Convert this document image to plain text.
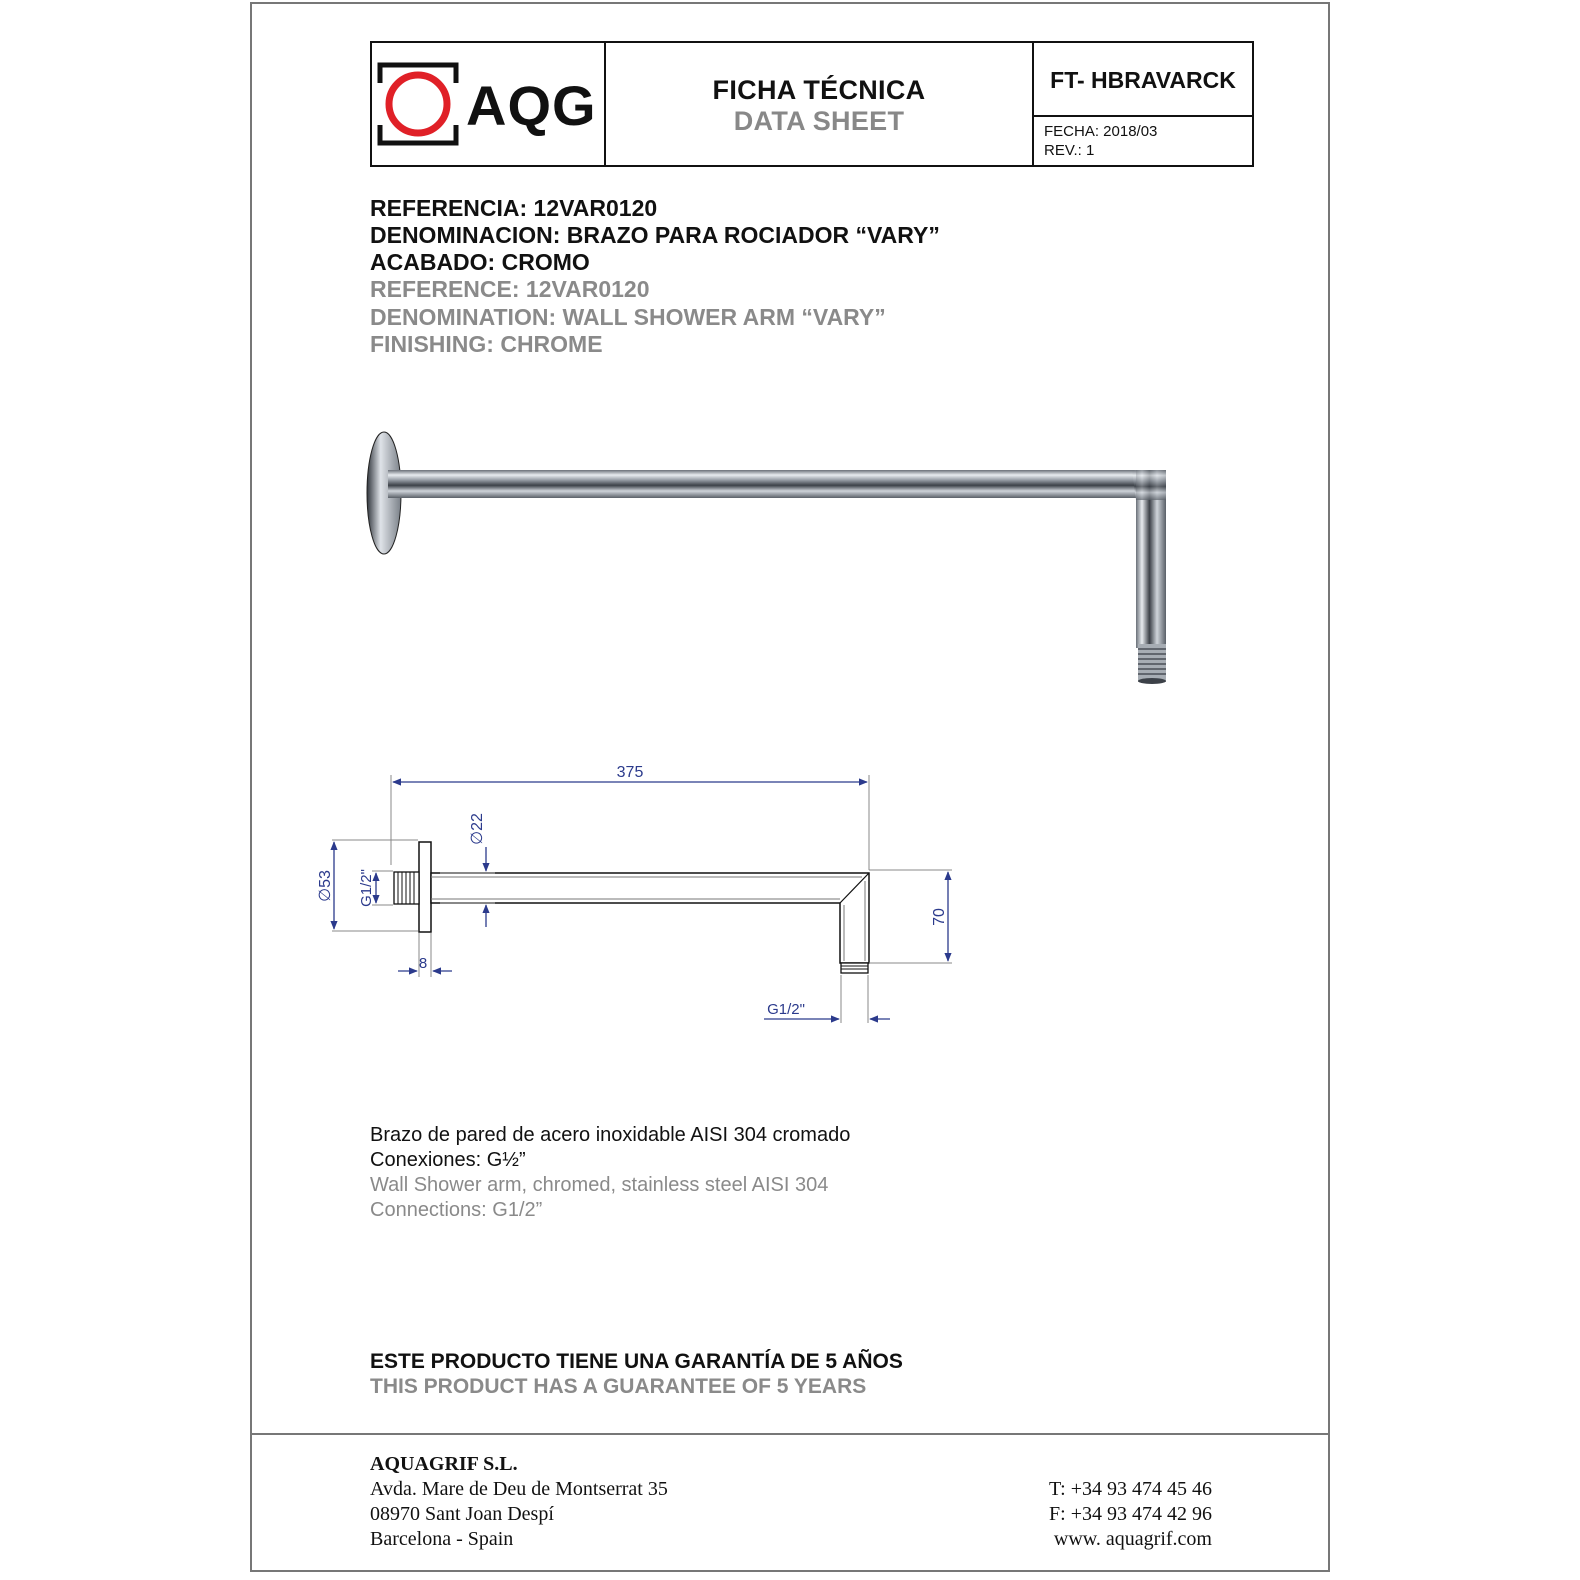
AQG	FICHA TÉCNICA
DATA SHEET
FT- HBRAVARCK
FECHA: 2018/03
REV.: 1
REFERENCIA: 12VAR0120
DENOMINACION: BRAZO PARA ROCIADOR “VARY”
ACABADO: CROMO
REFERENCE: 12VAR0120
DENOMINATION: WALL SHOWER ARM “VARY”
FINISHING: CHROME
375
∅22
∅53 G1/2"
8
70
G1/2"
Brazo de pared de acero inoxidable AISI 304 cromado
Conexiones: G½”
Wall Shower arm, chromed, stainless steel AISI 304
Connections: G1/2”
ESTE PRODUCTO TIENE UNA GARANTÍA DE 5 AÑOS
THIS PRODUCT HAS A GUARANTEE OF 5 YEARS
AQUAGRIF S.L.
Avda. Mare de Deu de Montserrat 35
08970 Sant Joan Despí
Barcelona - Spain
T: +34 93 474 45 46
F: +34 93 474 42 96
www. aquagrif.com
